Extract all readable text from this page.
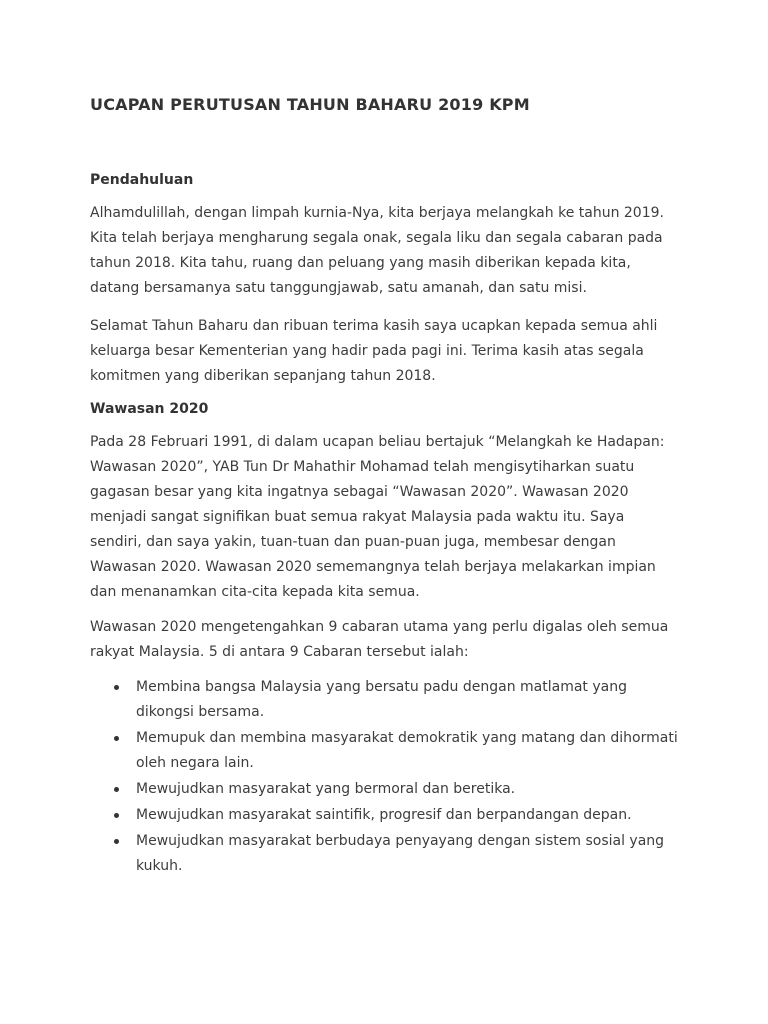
UCAPAN PERUTUSAN TAHUN BAHARU 2019 KPM
Pendahuluan

Alhamdulillah, dengan limpah kurnia-Nya, kita berjaya melangkah ke tahun 2019. Kita telah berjaya mengharung segala onak, segala liku dan segala cabaran pada tahun 2018. Kita tahu, ruang dan peluang yang masih diberikan kepada kita, datang bersamanya satu tanggungjawab, satu amanah, dan satu misi.

Selamat Tahun Baharu dan ribuan terima kasih saya ucapkan kepada semua ahli keluarga besar Kementerian yang hadir pada pagi ini. Terima kasih atas segala komitmen yang diberikan sepanjang tahun 2018.

Wawasan 2020

Pada 28 Februari 1991, di dalam ucapan beliau bertajuk “Melangkah ke Hadapan: Wawasan 2020”, YAB Tun Dr Mahathir Mohamad telah mengisytiharkan suatu gagasan besar yang kita ingatnya sebagai “Wawasan 2020”. Wawasan 2020 menjadi sangat signifikan buat semua rakyat Malaysia pada waktu itu. Saya sendiri, dan saya yakin, tuan-tuan dan puan-puan juga, membesar dengan Wawasan 2020. Wawasan 2020 sememangnya telah berjaya melakarkan impian dan menanamkan cita-cita kepada kita semua.

Wawasan 2020 mengetengahkan 9 cabaran utama yang perlu digalas oleh semua rakyat Malaysia. 5 di antara 9 Cabaran tersebut ialah:

Membina bangsa Malaysia yang bersatu padu dengan matlamat yang dikongsi bersama.
Memupuk dan membina masyarakat demokratik yang matang dan dihormati oleh negara lain.
Mewujudkan masyarakat yang bermoral dan beretika.
Mewujudkan masyarakat saintifik, progresif dan berpandangan depan.
Mewujudkan masyarakat berbudaya penyayang dengan sistem sosial yang kukuh.
